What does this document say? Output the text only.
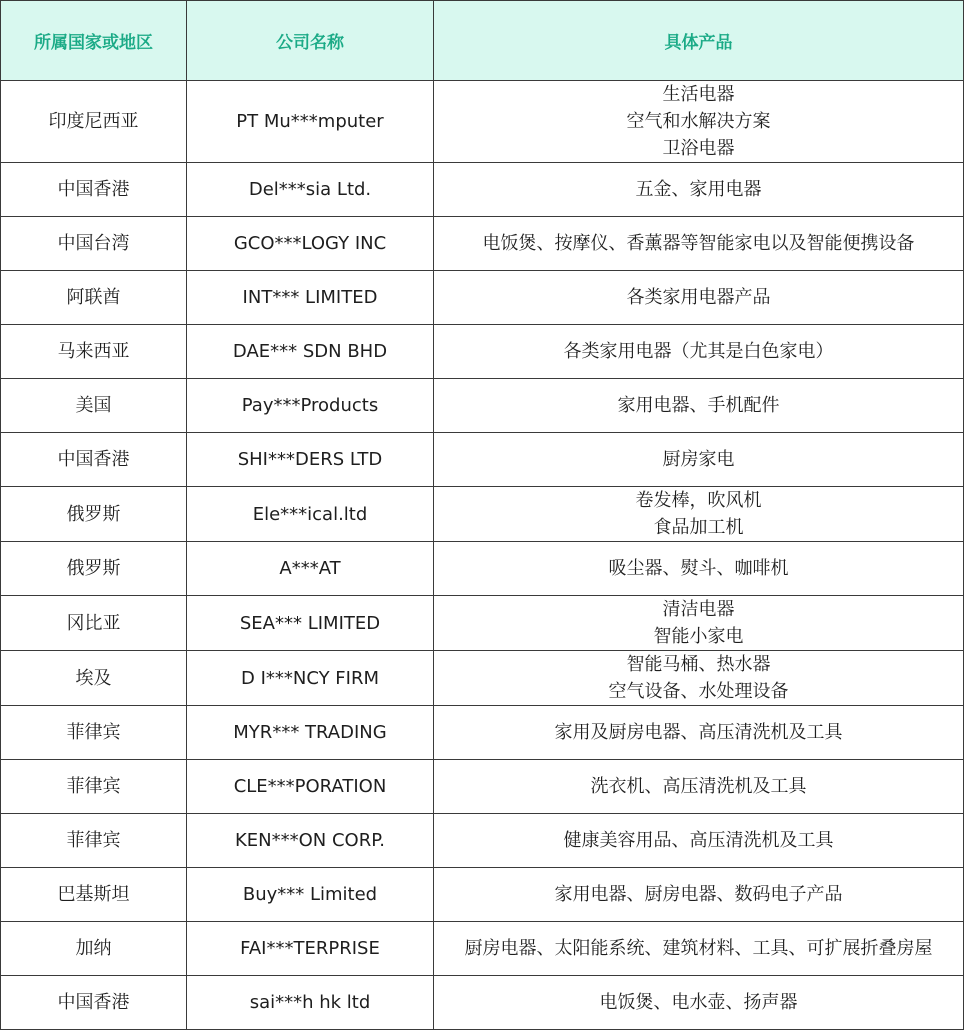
所属国家或地区	公司名称	具体产品
印度尼西亚	PT Mu***mputer	生活电器
空气和水解决方案
卫浴电器

中国香港	Del***sia Ltd.	五金、家用电器

中国台湾	GCO***LOGY INC	电饭煲、按摩仪、香薰器等智能家电以及智能便携设备

阿联酋	INT*** LIMITED	各类家用电器产品

马来西亚	DAE*** SDN BHD	各类家用电器（尤其是白色家电）

美国	Pay***Products	家用电器、手机配件

中国香港	SHI***DERS LTD	厨房家电

俄罗斯	Ele***ical.ltd	卷发棒，吹风机
食品加工机

俄罗斯	A***AT	吸尘器、熨斗、咖啡机

冈比亚	SEA*** LIMITED	清洁电器
智能小家电

埃及	D I***NCY FIRM	智能马桶、热水器
空气设备、水处理设备

菲律宾	MYR*** TRADING	家用及厨房电器、高压清洗机及工具

菲律宾	CLE***PORATION	洗衣机、高压清洗机及工具

菲律宾	KEN***ON CORP.	健康美容用品、高压清洗机及工具

巴基斯坦	Buy*** Limited	家用电器、厨房电器、数码电子产品

加纳	FAI***TERPRISE	厨房电器、太阳能系统、建筑材料、工具、可扩展折叠房屋

中国香港	sai***h hk ltd	电饭煲、电水壶、扬声器
